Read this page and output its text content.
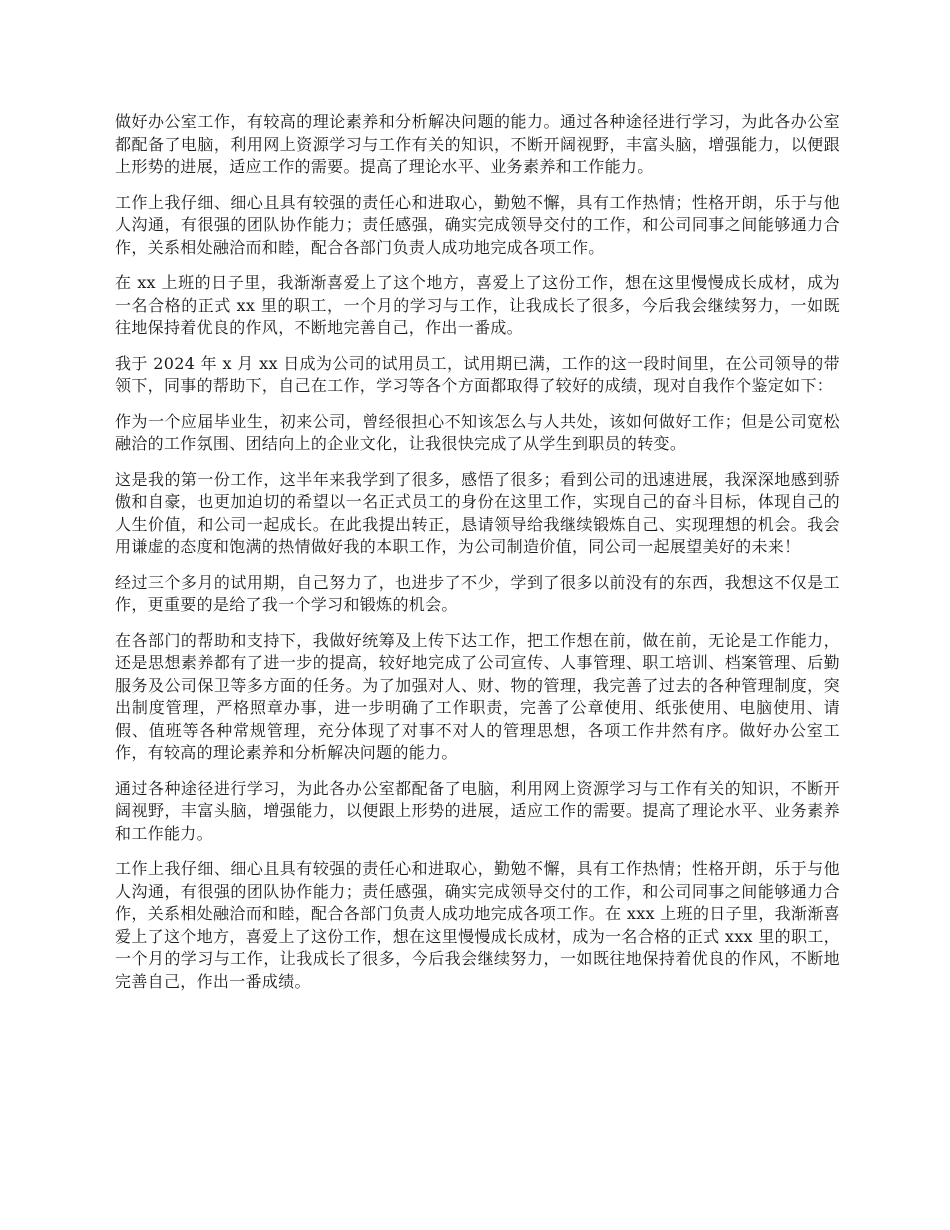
做好办公室工作，有较高的理论素养和分析解决问题的能力。通过各种途径进行学习，为此各办公室都配备了电脑，利用网上资源学习与工作有关的知识，不断开阔视野，丰富头脑，增强能力，以便跟上形势的进展，适应工作的需要。提高了理论水平、业务素养和工作能力。

工作上我仔细、细心且具有较强的责任心和进取心，勤勉不懈，具有工作热情；性格开朗，乐于与他人沟通，有很强的团队协作能力；责任感强，确实完成领导交付的工作，和公司同事之间能够通力合作，关系相处融洽而和睦，配合各部门负责人成功地完成各项工作。

在 xx 上班的日子里，我渐渐喜爱上了这个地方，喜爱上了这份工作，想在这里慢慢成长成材，成为一名合格的正式 xx 里的职工，一个月的学习与工作，让我成长了很多，今后我会继续努力，一如既往地保持着优良的作风，不断地完善自己，作出一番成。

我于 2024 年 x 月 xx 日成为公司的试用员工，试用期已满，工作的这一段时间里，在公司领导的带领下，同事的帮助下，自己在工作，学习等各个方面都取得了较好的成绩，现对自我作个鉴定如下：

作为一个应届毕业生，初来公司，曾经很担心不知该怎么与人共处，该如何做好工作；但是公司宽松融洽的工作氛围、团结向上的企业文化，让我很快完成了从学生到职员的转变。

这是我的第一份工作，这半年来我学到了很多，感悟了很多；看到公司的迅速进展，我深深地感到骄傲和自豪，也更加迫切的希望以一名正式员工的身份在这里工作，实现自己的奋斗目标，体现自己的人生价值，和公司一起成长。在此我提出转正，恳请领导给我继续锻炼自己、实现理想的机会。我会用谦虚的态度和饱满的热情做好我的本职工作，为公司制造价值，同公司一起展望美好的未来！

经过三个多月的试用期，自己努力了，也进步了不少，学到了很多以前没有的东西，我想这不仅是工作，更重要的是给了我一个学习和锻炼的机会。

在各部门的帮助和支持下，我做好统筹及上传下达工作，把工作想在前，做在前，无论是工作能力，还是思想素养都有了进一步的提高，较好地完成了公司宣传、人事管理、职工培训、档案管理、后勤服务及公司保卫等多方面的任务。为了加强对人、财、物的管理，我完善了过去的各种管理制度，突出制度管理，严格照章办事，进一步明确了工作职责，完善了公章使用、纸张使用、电脑使用、请假、值班等各种常规管理，充分体现了对事不对人的管理思想，各项工作井然有序。做好办公室工作，有较高的理论素养和分析解决问题的能力。

通过各种途径进行学习，为此各办公室都配备了电脑，利用网上资源学习与工作有关的知识，不断开阔视野，丰富头脑，增强能力，以便跟上形势的进展，适应工作的需要。提高了理论水平、业务素养和工作能力。

工作上我仔细、细心且具有较强的责任心和进取心，勤勉不懈，具有工作热情；性格开朗，乐于与他人沟通，有很强的团队协作能力；责任感强，确实完成领导交付的工作，和公司同事之间能够通力合作，关系相处融洽而和睦，配合各部门负责人成功地完成各项工作。在 xxx 上班的日子里，我渐渐喜爱上了这个地方，喜爱上了这份工作，想在这里慢慢成长成材，成为一名合格的正式 xxx 里的职工，一个月的学习与工作，让我成长了很多，今后我会继续努力，一如既往地保持着优良的作风，不断地完善自己，作出一番成绩。
